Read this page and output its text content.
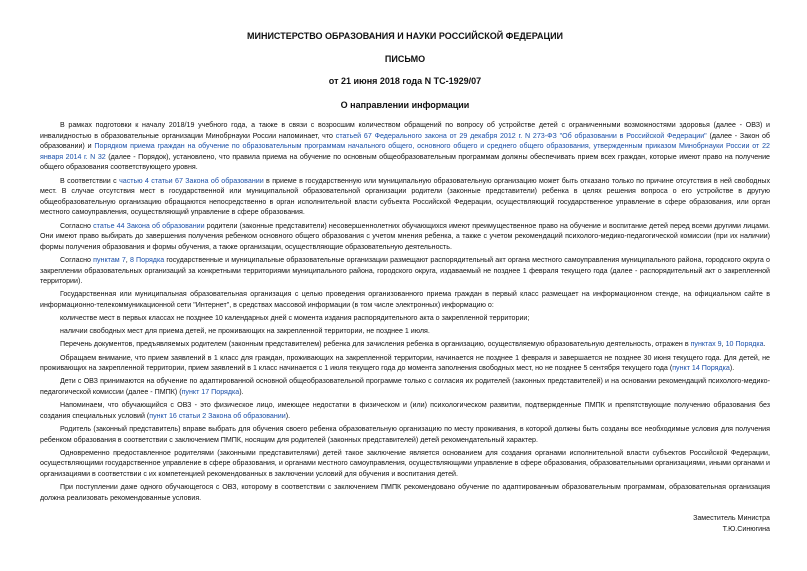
МИНИСТЕРСТВО ОБРАЗОВАНИЯ И НАУКИ РОССИЙСКОЙ ФЕДЕРАЦИИ
ПИСЬМО
от 21 июня 2018 года N ТС-1929/07
О направлении информации

В рамках подготовки к началу 2018/19 учебного года, а также в связи с возросшим количеством обращений по вопросу об устройстве детей с ограниченными возможностями здоровья (далее - ОВЗ) и инвалидностью в образовательные организации Минобрнауки России напоминает, что статьей 67 Федерального закона от 29 декабря 2012 г. N 273-ФЗ "Об образовании в Российской Федерации" (далее - Закон об образовании) и Порядком приема граждан на обучение по образовательным программам начального общего, основного общего и среднего общего образования, утвержденным приказом Минобрнауки России от 22 января 2014 г. N 32 (далее - Порядок), установлено, что правила приема на обучение по основным общеобразовательным программам должны обеспечивать прием всех граждан, которые имеют право на получение общего образования соответствующего уровня.

В соответствии с частью 4 статьи 67 Закона об образовании в приеме в государственную или муниципальную образовательную организацию может быть отказано только по причине отсутствия в ней свободных мест. В случае отсутствия мест в государственной или муниципальной образовательной организации родители (законные представители) ребенка в целях решения вопроса о его устройстве в другую общеобразовательную организацию обращаются непосредственно в орган исполнительной власти субъекта Российской Федерации, осуществляющий государственное управление в сфере образования, или орган местного самоуправления, осуществляющий управление в сфере образования.

Согласно статье 44 Закона об образовании родители (законные представители) несовершеннолетних обучающихся имеют преимущественное право на обучение и воспитание детей перед всеми другими лицами. Они имеют право выбирать до завершения получения ребенком основного общего образования с учетом мнения ребенка, а также с учетом рекомендаций психолого-медико-педагогической комиссии (при их наличии) формы получения образования и формы обучения, а также организации, осуществляющие образовательную деятельность.

Согласно пунктам 7, 8 Порядка государственные и муниципальные образовательные организации размещают распорядительный акт органа местного самоуправления муниципального района, городского округа о закреплении образовательных организаций за конкретными территориями муниципального района, городского округа, издаваемый не позднее 1 февраля текущего года (далее - распорядительный акт о закрепленной территории).

Государственная или муниципальная образовательная организация с целью проведения организованного приема граждан в первый класс размещает на информационном стенде, на официальном сайте в информационно-телекоммуникационной сети "Интернет", в средствах массовой информации (в том числе электронных) информацию о:

количестве мест в первых классах не позднее 10 календарных дней с момента издания распорядительного акта о закрепленной территории;

наличии свободных мест для приема детей, не проживающих на закрепленной территории, не позднее 1 июля.

Перечень документов, предъявляемых родителем (законным представителем) ребенка для зачисления ребенка в организацию, осуществляемую образовательную деятельность, отражен в пунктах 9, 10 Порядка.

Обращаем внимание, что прием заявлений в 1 класс для граждан, проживающих на закрепленной территории, начинается не позднее 1 февраля и завершается не позднее 30 июня текущего года. Для детей, не проживающих на закрепленной территории, прием заявлений в 1 класс начинается с 1 июля текущего года до момента заполнения свободных мест, но не позднее 5 сентября текущего года (пункт 14 Порядка).

Дети с ОВЗ принимаются на обучение по адаптированной основной общеобразовательной программе только с согласия их родителей (законных представителей) и на основании рекомендаций психолого-медико-педагогической комиссии (далее - ПМПК) (пункт 17 Порядка).

Напоминаем, что обучающийся с ОВЗ - это физическое лицо, имеющее недостатки в физическом и (или) психологическом развитии, подтвержденные ПМПК и препятствующие получению образования без создания специальных условий (пункт 16 статьи 2 Закона об образовании).

Родитель (законный представитель) вправе выбрать для обучения своего ребенка образовательную организацию по месту проживания, в которой должны быть созданы все необходимые условия для получения ребенком образования в соответствии с заключением ПМПК, носящим для родителей (законных представителей) детей рекомендательный характер.

Одновременно предоставленное родителями (законными представителями) детей такое заключение является основанием для создания органами исполнительной власти субъектов Российской Федерации, осуществляющими государственное управление в сфере образования, и органами местного самоуправления, осуществляющими управление в сфере образования, образовательными организациями, иными органами и организациями в соответствии с их компетенцией рекомендованных в заключении условий для обучения и воспитания детей.

При поступлении даже одного обучающегося с ОВЗ, которому в соответствии с заключением ПМПК рекомендовано обучение по адаптированным образовательным программам, образовательная организация должна реализовать рекомендованные условия.

Заместитель Министра
Т.Ю.Синюгина
